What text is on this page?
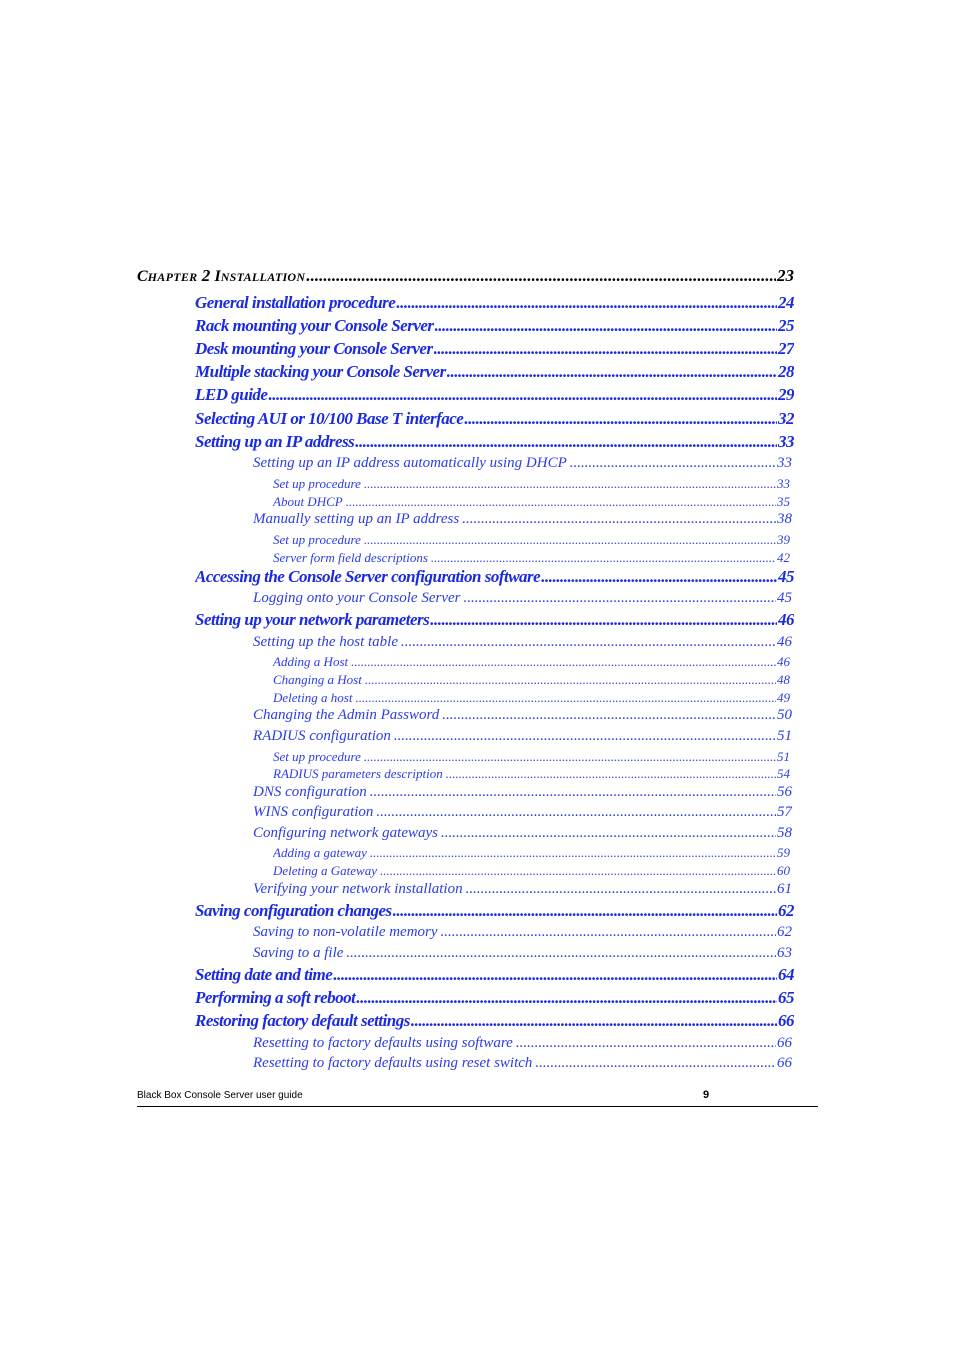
CHAPTER 2 INSTALLATION .....	23
General installation procedure .....	24
Rack mounting your Console Server .....	25
Desk mounting your Console Server .....	27
Multiple stacking your Console Server .....	28
LED guide .....	29
Selecting AUI or 10/100 Base T interface .....	32
Setting up an IP address .....	33
Setting up an IP address automatically using DHCP .....	33
Set up procedure .....	33
About DHCP .....	35
Manually setting up an IP address .....	38
Set up procedure .....	39
Server form field descriptions .....	42
Accessing the Console Server configuration software .....	45
Logging onto your Console Server .....	45
Setting up your network parameters .....	46
Setting up the host table .....	46
Adding a Host .....	46
Changing a Host .....	48
Deleting a host .....	49
Changing the Admin Password .....	50
RADIUS configuration .....	51
Set up procedure .....	51
RADIUS parameters description .....	54
DNS configuration .....	56
WINS configuration .....	57
Configuring network gateways .....	58
Adding a gateway .....	59
Deleting a Gateway .....	60
Verifying your network installation .....	61
Saving configuration changes .....	62
Saving to non-volatile memory .....	62
Saving to a file .....	63
Setting date and time .....	64
Performing a soft reboot .....	65
Restoring factory default settings .....	66
Resetting to factory defaults using software .....	66
Resetting to factory defaults using reset switch .....	66
Black Box Console Server user guide	9
